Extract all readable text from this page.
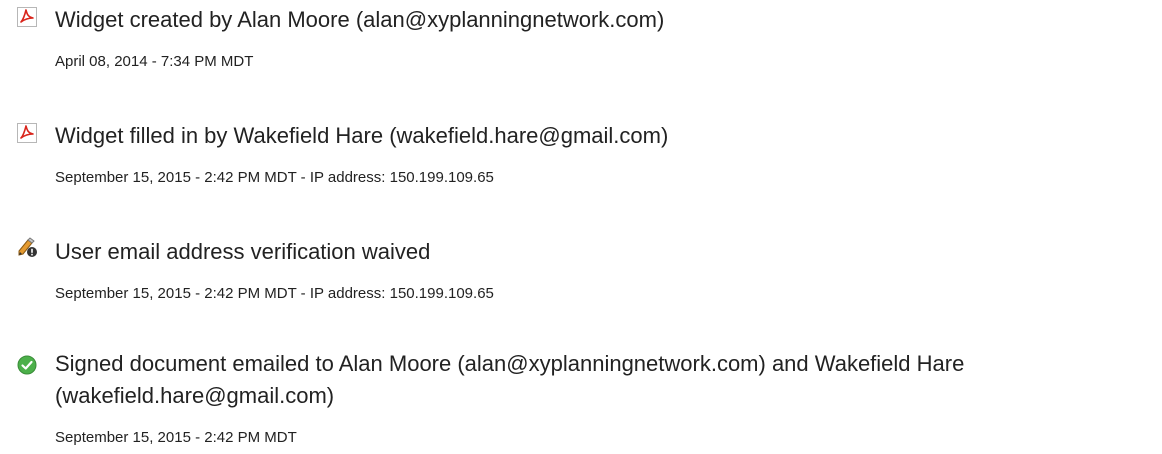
Widget created by Alan Moore (alan@xyplanningnetwork.com)
April 08, 2014 - 7:34 PM MDT
Widget filled in by Wakefield Hare (wakefield.hare@gmail.com)
September 15, 2015 - 2:42 PM MDT - IP address: 150.199.109.65
User email address verification waived
September 15, 2015 - 2:42 PM MDT - IP address: 150.199.109.65
Signed document emailed to Alan Moore (alan@xyplanningnetwork.com) and Wakefield Hare (wakefield.hare@gmail.com)
September 15, 2015 - 2:42 PM MDT
